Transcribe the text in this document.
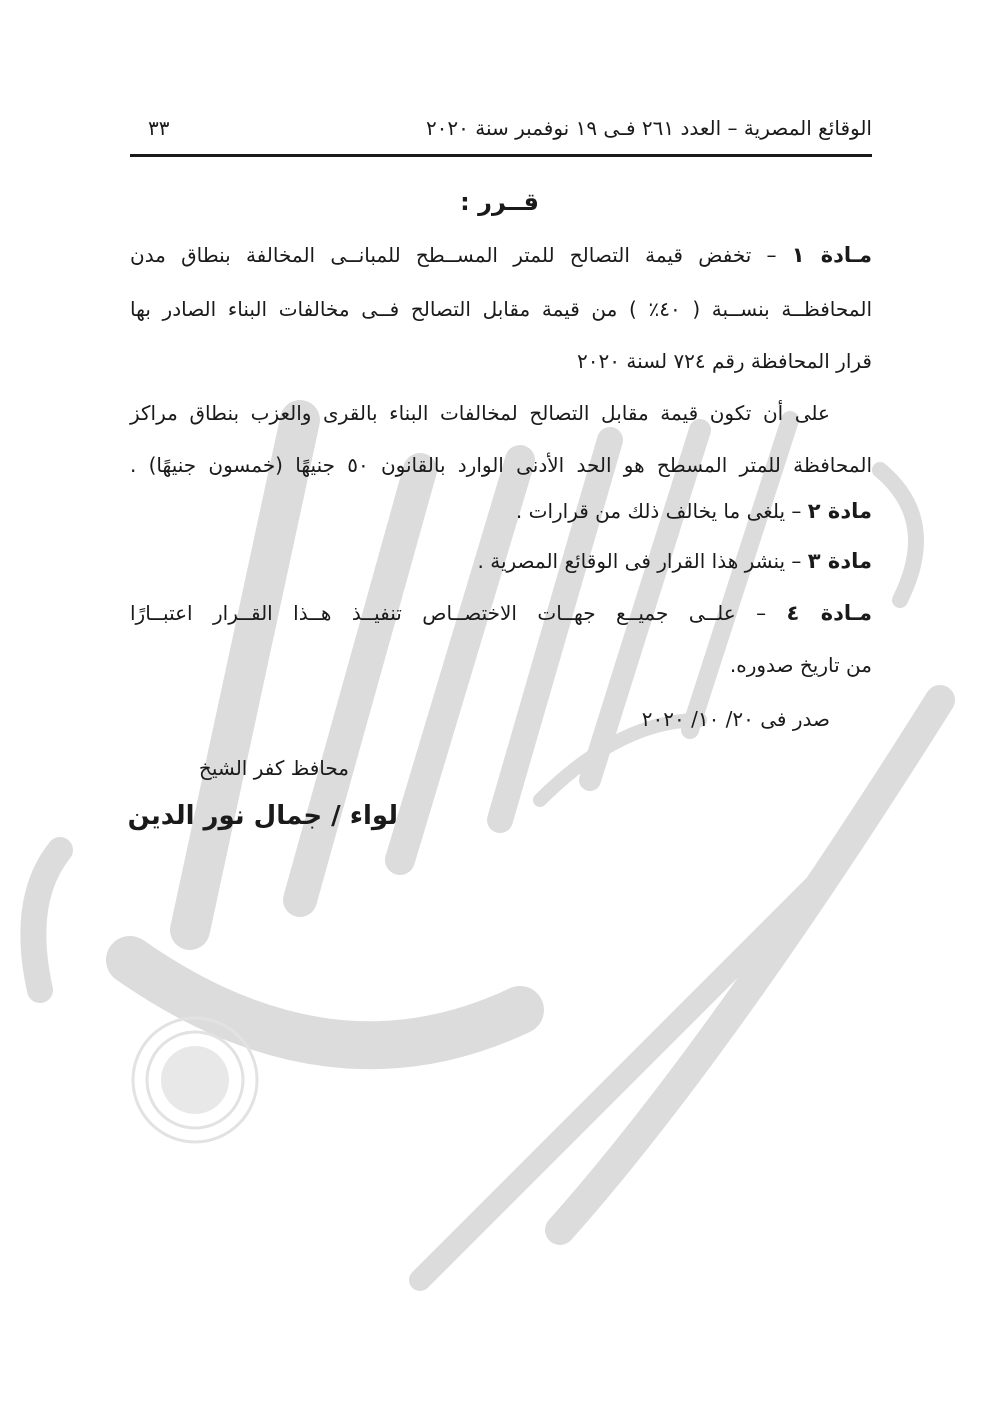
الوقائع المصرية – العدد ٢٦١ فـى ١٩ نوفمبر سنة ٢٠٢٠
٣٣
قــرر :
مـادة ١ – تخفض قيمة التصالح للمتر المســطح للمبانــى المخالفة بنطاق مدن
المحافظــة بنســبة ( ٤٠٪ ) من قيمة مقابل التصالح فــى مخالفات البناء الصادر بها
قرار المحافظة رقم ٧٢٤ لسنة ٢٠٢٠
على أن تكون قيمة مقابل التصالح لمخالفات البناء بالقرى والعزب بنطاق مراكز
المحافظة للمتر المسطح هو الحد الأدنى الوارد بالقانون ٥٠ جنيهًا (خمسون جنيهًا) .
مادة ٢ – يلغى ما يخالف ذلك من قرارات .
مادة ٣ – ينشر هذا القرار فى الوقائع المصرية .
مـادة ٤ – علــى جميــع جهــات الاختصــاص تنفيــذ هــذا القــرار اعتبــارًا
من تاريخ صدوره.
صدر فى ٢٠/ ١٠/ ٢٠٢٠
محافظ كفر الشيخ
لواء / جمال نور الدين
